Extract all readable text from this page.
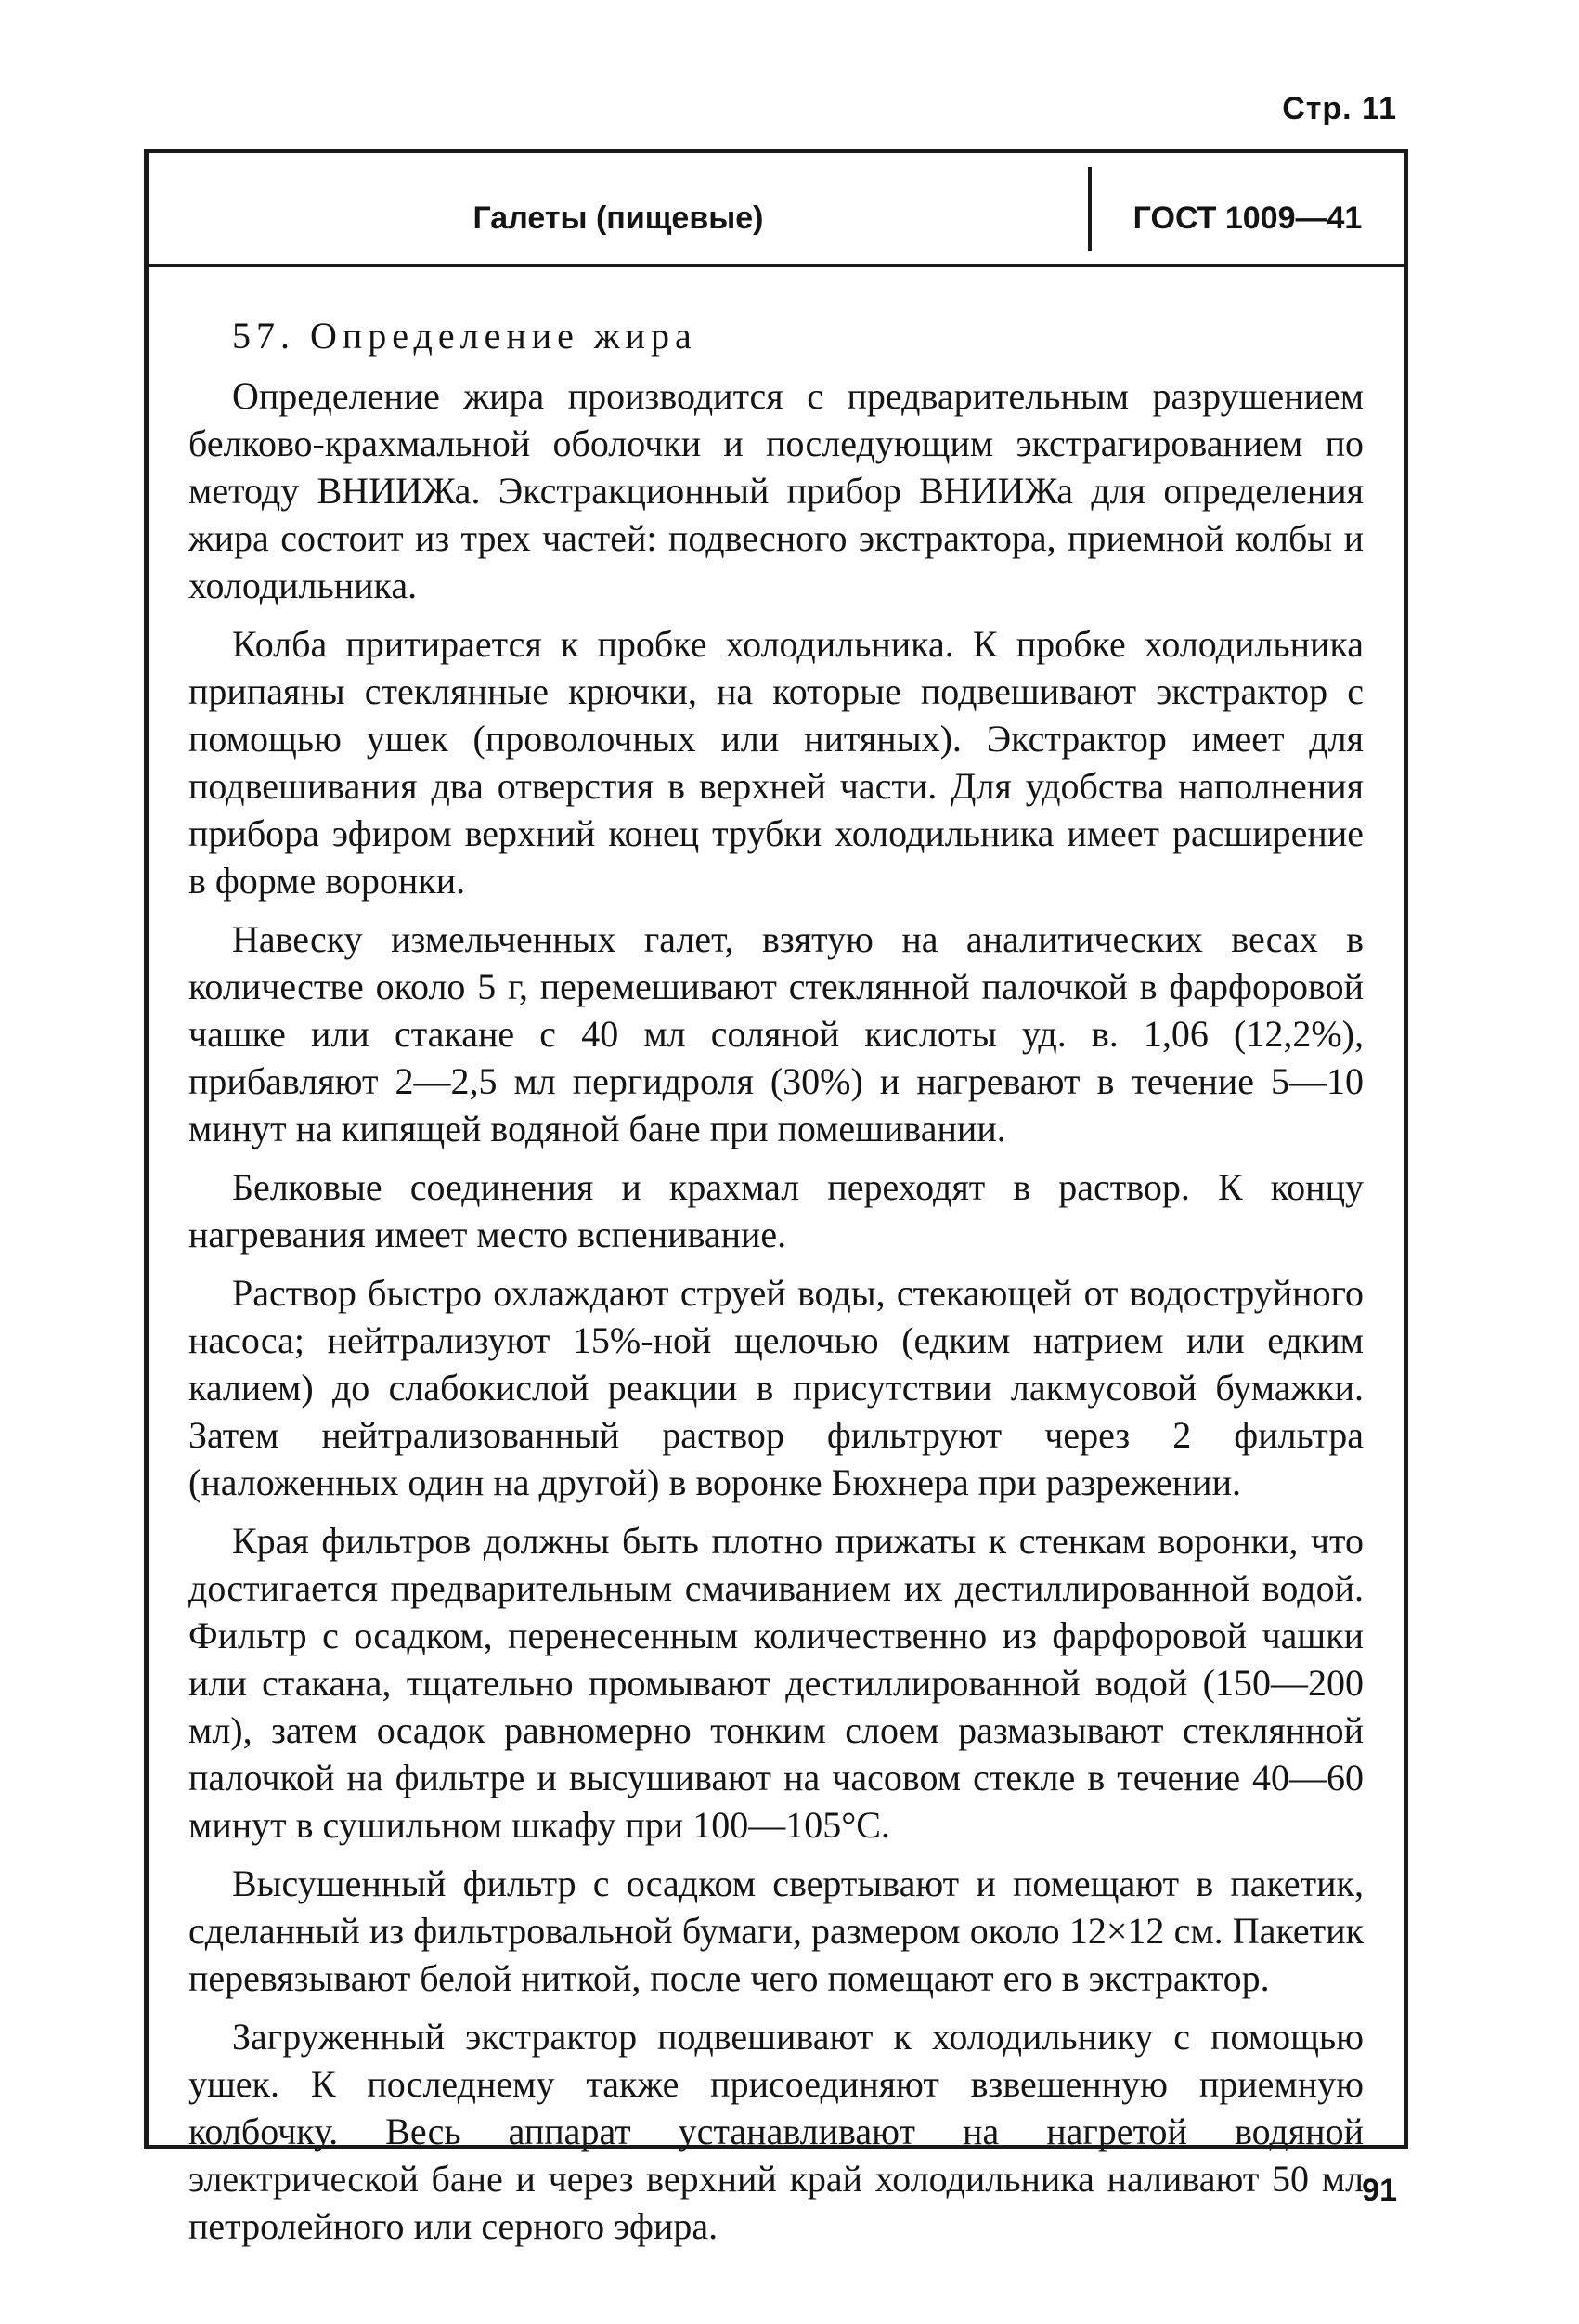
Стр. 11
Галеты (пищевые)	ГОСТ 1009—41
57. Определение жира

Определение жира производится с предварительным разрушением белково-крахмальной оболочки и последующим экстрагированием по методу ВНИИЖа. Экстракционный прибор ВНИИЖа для определения жира состоит из трех частей: подвесного экстрактора, приемной колбы и холодильника.

Колба притирается к пробке холодильника. К пробке холодильника припаяны стеклянные крючки, на которые подвешивают экстрактор с помощью ушек (проволочных или нитяных). Экстрактор имеет для подвешивания два отверстия в верхней части. Для удобства наполнения прибора эфиром верхний конец трубки холодильника имеет расширение в форме воронки.

Навеску измельченных галет, взятую на аналитических весах в количестве около 5 г, перемешивают стеклянной палочкой в фарфоровой чашке или стакане с 40 мл соляной кислоты уд. в. 1,06 (12,2%), прибавляют 2—2,5 мл пергидроля (30%) и нагревают в течение 5—10 минут на кипящей водяной бане при помешивании.

Белковые соединения и крахмал переходят в раствор. К концу нагревания имеет место вспенивание.

Раствор быстро охлаждают струей воды, стекающей от водоструйного насоса; нейтрализуют 15%-ной щелочью (едким натрием или едким калием) до слабокислой реакции в присутствии лакмусовой бумажки. Затем нейтрализованный раствор фильтруют через 2 фильтра (наложенных один на другой) в воронке Бюхнера при разрежении.

Края фильтров должны быть плотно прижаты к стенкам воронки, что достигается предварительным смачиванием их дестиллированной водой. Фильтр с осадком, перенесенным количественно из фарфоровой чашки или стакана, тщательно промывают дестиллированной водой (150—200 мл), затем осадок равномерно тонким слоем размазывают стеклянной палочкой на фильтре и высушивают на часовом стекле в течение 40—60 минут в сушильном шкафу при 100—105°С.

Высушенный фильтр с осадком свертывают и помещают в пакетик, сделанный из фильтровальной бумаги, размером около 12×12 см. Пакетик перевязывают белой ниткой, после чего помещают его в экстрактор.

Загруженный экстрактор подвешивают к холодильнику с помощью ушек. К последнему также присоединяют взвешенную приемную колбочку. Весь аппарат устанавливают на нагретой водяной электрической бане и через верхний край холодильника наливают 50 мл петролейного или серного эфира.

91
